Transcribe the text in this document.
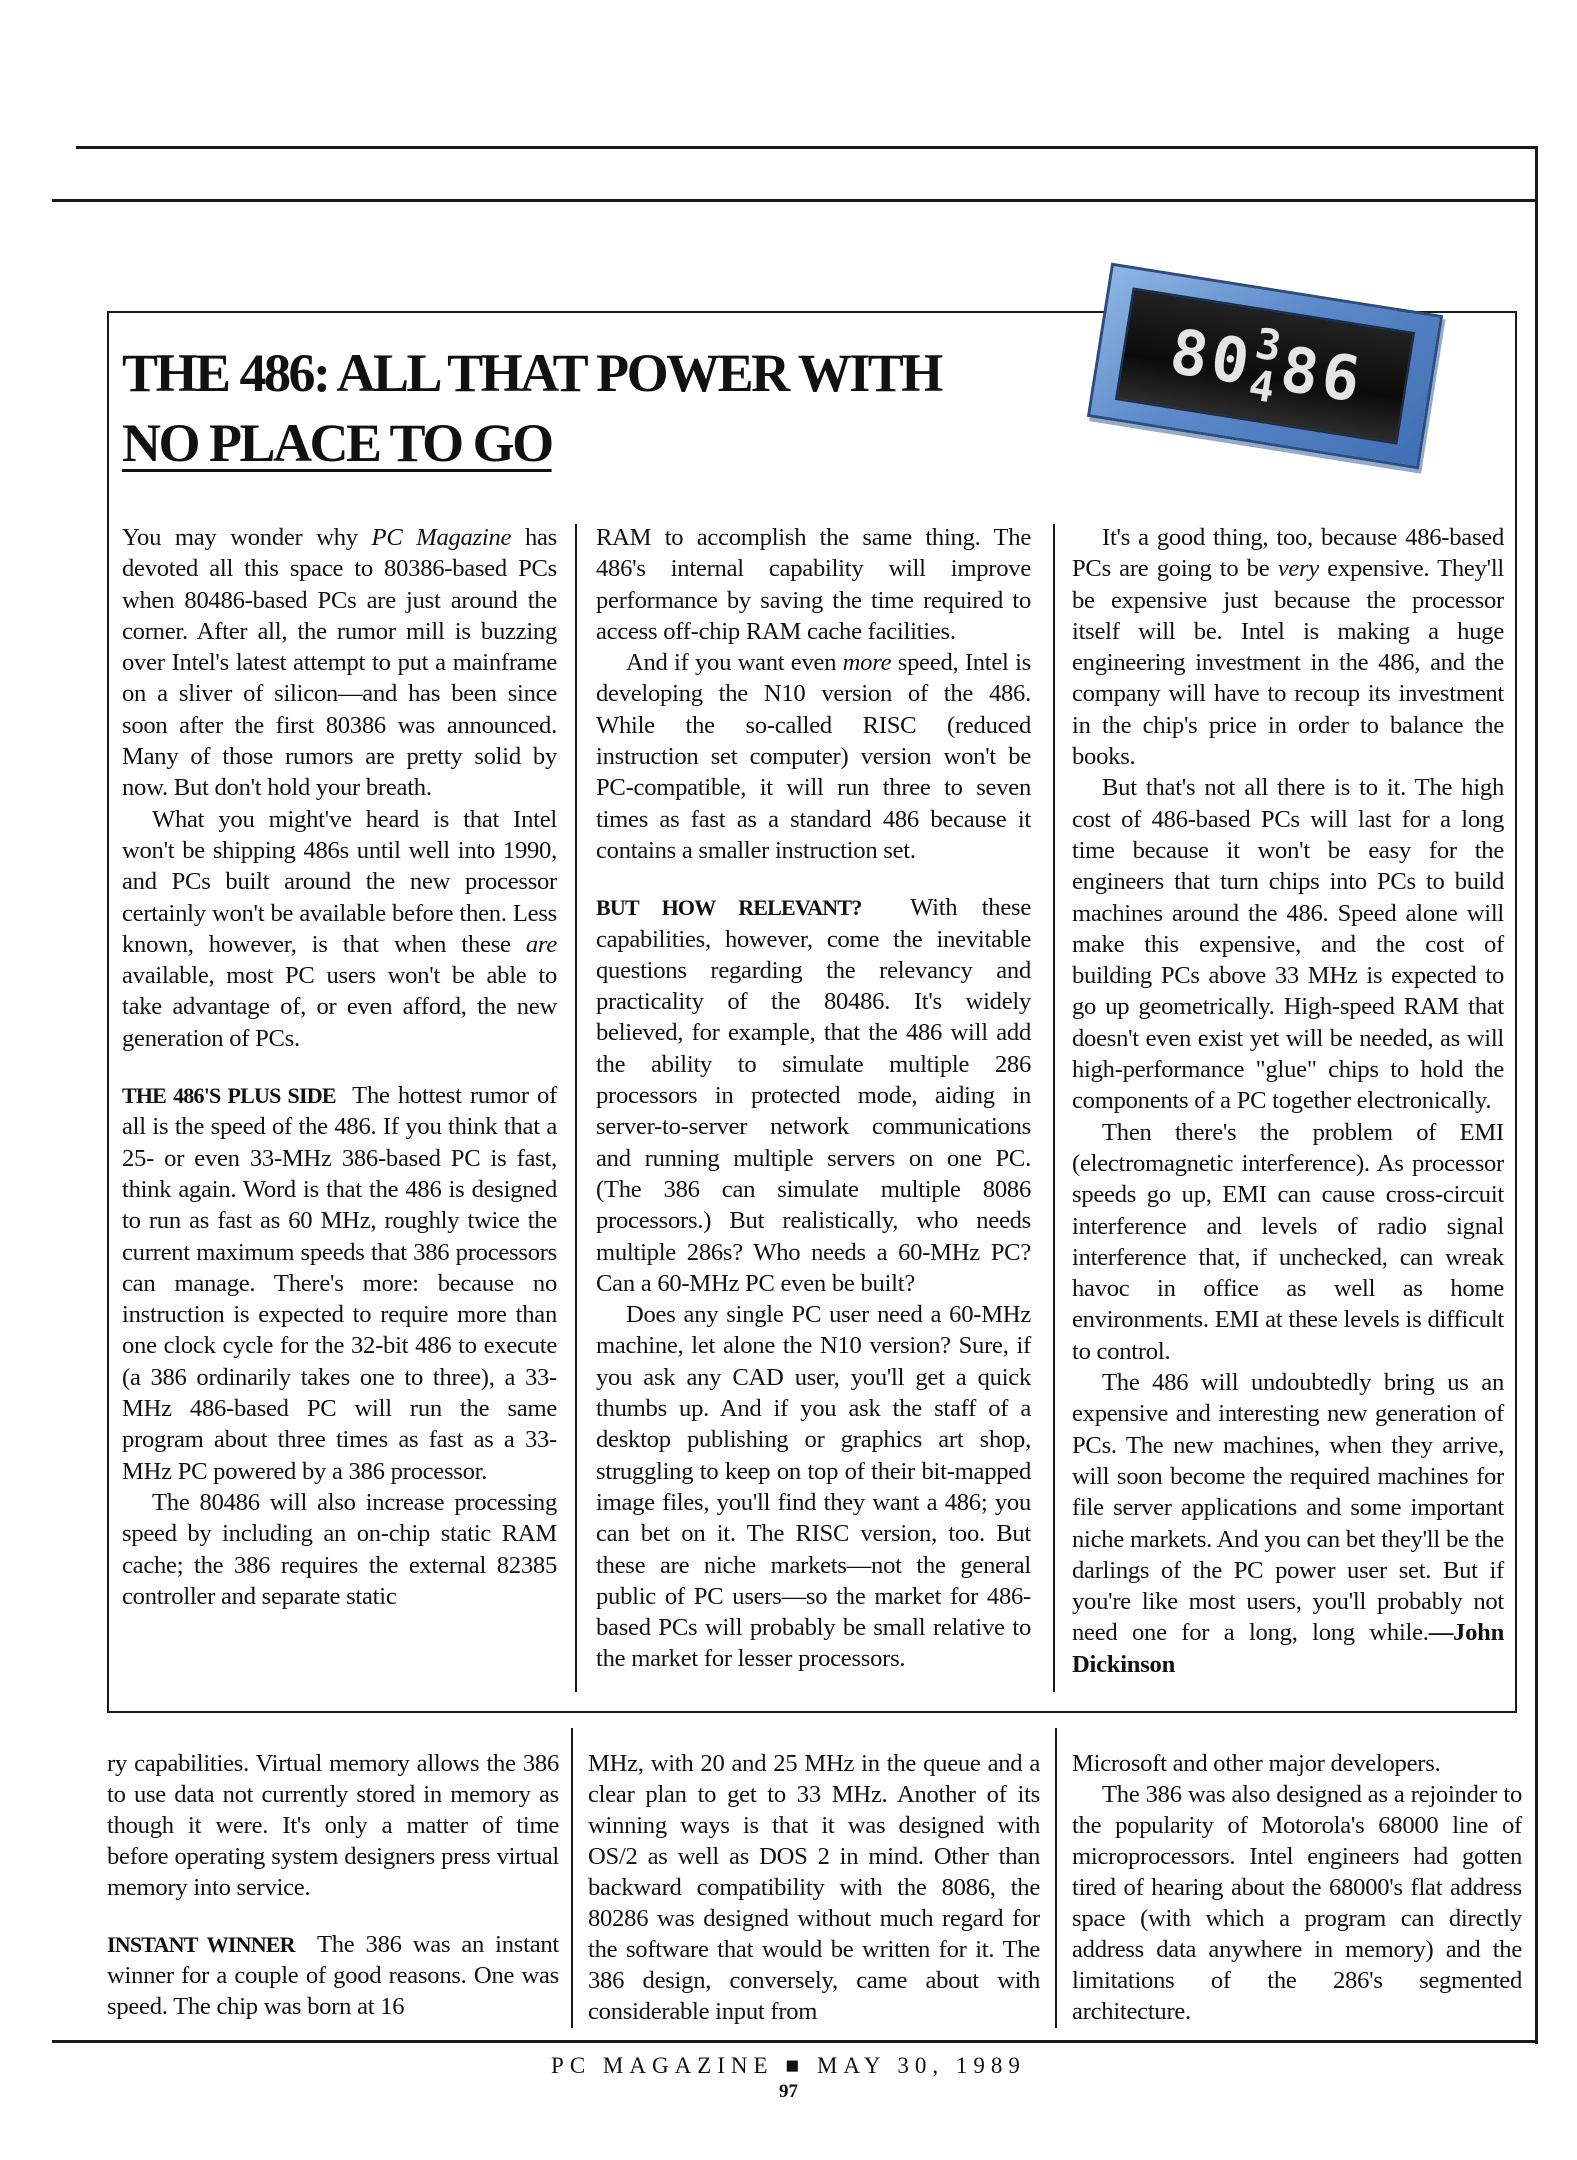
THE 486: ALL THAT POWER WITH
NO PLACE TO GO
8
0
3
4
8
6

You may wonder why PC Magazine has devoted all this space to 80386-based PCs when 80486-based PCs are just around the corner. After all, the rumor mill is buzzing over Intel's latest attempt to put a mainframe on a sliver of silicon—and has been since soon after the first 80386 was announced. Many of those rumors are pretty solid by now. But don't hold your breath.

What you might've heard is that Intel won't be shipping 486s until well into 1990, and PCs built around the new processor certainly won't be available before then. Less known, however, is that when these are available, most PC users won't be able to take advantage of, or even afford, the new generation of PCs.

THE 486'S PLUS SIDE The hottest rumor of all is the speed of the 486. If you think that a 25- or even 33-MHz 386-based PC is fast, think again. Word is that the 486 is designed to run as fast as 60 MHz, roughly twice the current maximum speeds that 386 processors can manage. There's more: because no instruction is expected to require more than one clock cycle for the 32-bit 486 to execute (a 386 ordinarily takes one to three), a 33-MHz 486-based PC will run the same program about three times as fast as a 33-MHz PC powered by a 386 processor.

The 80486 will also increase processing speed by including an on-chip static RAM cache; the 386 requires the external 82385 controller and separate static

RAM to accomplish the same thing. The 486's internal capability will improve performance by saving the time required to access off-chip RAM cache facilities.

And if you want even more speed, Intel is developing the N10 version of the 486. While the so-called RISC (reduced instruction set computer) version won't be PC-compatible, it will run three to seven times as fast as a standard 486 because it contains a smaller instruction set.

BUT HOW RELEVANT? With these capabilities, however, come the inevitable questions regarding the relevancy and practicality of the 80486. It's widely believed, for example, that the 486 will add the ability to simulate multiple 286 processors in protected mode, aiding in server-to-server network communications and running multiple servers on one PC. (The 386 can simulate multiple 8086 processors.) But realistically, who needs multiple 286s? Who needs a 60-MHz PC? Can a 60-MHz PC even be built?

Does any single PC user need a 60-MHz machine, let alone the N10 version? Sure, if you ask any CAD user, you'll get a quick thumbs up. And if you ask the staff of a desktop publishing or graphics art shop, struggling to keep on top of their bit-mapped image files, you'll find they want a 486; you can bet on it. The RISC version, too. But these are niche markets—not the general public of PC users—so the market for 486-based PCs will probably be small relative to the market for lesser processors.

It's a good thing, too, because 486-based PCs are going to be very expensive. They'll be expensive just because the processor itself will be. Intel is making a huge engineering investment in the 486, and the company will have to recoup its investment in the chip's price in order to balance the books.

But that's not all there is to it. The high cost of 486-based PCs will last for a long time because it won't be easy for the engineers that turn chips into PCs to build machines around the 486. Speed alone will make this expensive, and the cost of building PCs above 33 MHz is expected to go up geometrically. High-speed RAM that doesn't even exist yet will be needed, as will high-performance "glue" chips to hold the components of a PC together electronically.

Then there's the problem of EMI (electromagnetic interference). As processor speeds go up, EMI can cause cross-circuit interference and levels of radio signal interference that, if unchecked, can wreak havoc in office as well as home environments. EMI at these levels is difficult to control.

The 486 will undoubtedly bring us an expensive and interesting new generation of PCs. The new machines, when they arrive, will soon become the required machines for file server applications and some important niche markets. And you can bet they'll be the darlings of the PC power user set. But if you're like most users, you'll probably not need one for a long, long while.—John Dickinson

ry capabilities. Virtual memory allows the 386 to use data not currently stored in memory as though it were. It's only a matter of time before operating system designers press virtual memory into service.

INSTANT WINNER The 386 was an instant winner for a couple of good reasons. One was speed. The chip was born at 16

MHz, with 20 and 25 MHz in the queue and a clear plan to get to 33 MHz. Another of its winning ways is that it was designed with OS/2 as well as DOS 2 in mind. Other than backward compatibility with the 8086, the 80286 was designed without much regard for the software that would be written for it. The 386 design, conversely, came about with considerable input from

Microsoft and other major developers.

The 386 was also designed as a rejoinder to the popularity of Motorola's 68000 line of microprocessors. Intel engineers had gotten tired of hearing about the 68000's flat address space (with which a program can directly address data anywhere in memory) and the limitations of the 286's segmented architecture.

PC MAGAZINE ■ MAY 30, 1989
97
